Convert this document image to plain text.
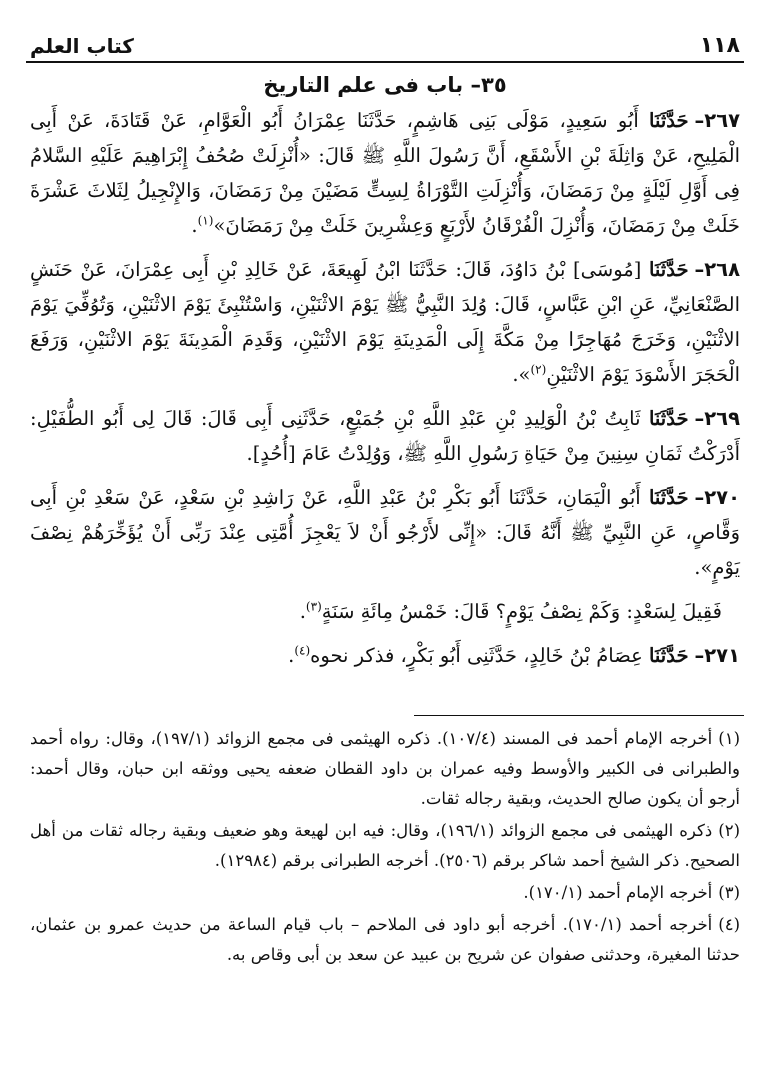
١١٨
كتاب العلم
٣٥– باب فى علم التاريخ

٢٦٧–حَدَّثَنَا أَبُو سَعِيدٍ، مَوْلَى بَنِى هَاشِمٍ، حَدَّثَنَا عِمْرَانُ أَبُو الْعَوَّامِ، عَنْ قَتَادَةَ، عَنْ أَبِى الْمَلِيحِ، عَنْ وَاثِلَةَ بْنِ الأَسْقَعِ، أَنَّ رَسُولَ اللَّهِ ﷺ قَالَ: «أُنْزِلَتْ صُحُفُ إِبْرَاهِيمَ عَلَيْهِ السَّلامُ فِى أَوَّلِ لَيْلَةٍ مِنْ رَمَضَانَ، وَأُنْزِلَتِ التَّوْرَاةُ لِسِتٍّ مَضَيْنَ مِنْ رَمَضَانَ، وَالإِنْجِيلُ لِثَلاثَ عَشْرَةَ خَلَتْ مِنْ رَمَضَانَ، وَأُنْزِلَ الْفُرْقَانُ لأَرْبَعٍ وَعِشْرِينَ خَلَتْ مِنْ رَمَضَانَ»$^{(١)}$.

٢٦٨–حَدَّثَنَا [مُوسَى] بْنُ دَاوُدَ، قَالَ: حَدَّثَنَا ابْنُ لَهِيعَةَ، عَنْ خَالِدِ بْنِ أَبِى عِمْرَانَ، عَنْ حَنَشٍ الصَّنْعَانِيِّ، عَنِ ابْنِ عَبَّاسٍ، قَالَ: وُلِدَ النَّبِيُّ ﷺ يَوْمَ الاثْنَيْنِ، وَاسْتُنْبِئَ يَوْمَ الاثْنَيْنِ، وَتُوُفِّيَ يَوْمَ الاثْنَيْنِ، وَخَرَجَ مُهَاجِرًا مِنْ مَكَّةَ إِلَى الْمَدِينَةِ يَوْمَ الاثْنَيْنِ، وَقَدِمَ الْمَدِينَةَ يَوْمَ الاثْنَيْنِ، وَرَفَعَ الْحَجَرَ الأَسْوَدَ يَوْمَ الاثْنَيْنِ$^{(٢)}$».

٢٦٩–حَدَّثَنَا ثَابِتُ بْنُ الْوَلِيدِ بْنِ عَبْدِ اللَّهِ بْنِ جُمَيْعٍ، حَدَّثَنِى أَبِى قَالَ: قَالَ لِى أَبُو الطُّفَيْلِ: أَدْرَكْتُ ثَمَانِ سِنِينَ مِنْ حَيَاةِ رَسُولِ اللَّهِ ﷺ، وَوُلِدْتُ عَامَ [أُحُدٍ].

٢٧٠–حَدَّثَنَا أَبُو الْيَمَانِ، حَدَّثَنَا أَبُو بَكْرِ بْنُ عَبْدِ اللَّهِ، عَنْ رَاشِدِ بْنِ سَعْدٍ، عَنْ سَعْدِ بْنِ أَبِى وَقَّاصٍ، عَنِ النَّبِيِّ ﷺ أَنَّهُ قَالَ: «إِنِّى لأَرْجُو أَنْ لاَ يَعْجِزَ أُمَّتِى عِنْدَ رَبِّى أَنْ يُؤَخِّرَهُمْ نِصْفَ يَوْمٍ».

فَقِيلَ لِسَعْدٍ: وَكَمْ نِصْفُ يَوْمٍ؟ قَالَ: خَمْسُ مِائَةِ سَنَةٍ$^{(٣)}$.

٢٧١–حَدَّثَنَا عِصَامُ بْنُ خَالِدٍ، حَدَّثَنِى أَبُو بَكْرٍ، فذكر نحوه$^{(٤)}$.

(١)أخرجه الإمام أحمد فى المسند (١٠٧/٤). ذكره الهيثمى فى مجمع الزوائد (١٩٧/١)، وقال: رواه أحمد والطبرانى فى الكبير والأوسط وفيه عمران بن داود القطان ضعفه يحيى ووثقه ابن حبان، وقال أحمد: أرجو أن يكون صالح الحديث، وبقية رجاله ثقات.

(٢)ذكره الهيثمى فى مجمع الزوائد (١٩٦/١)، وقال: فيه ابن لهيعة وهو ضعيف وبقية رجاله ثقات من أهل الصحيح. ذكر الشيخ أحمد شاكر برقم (٢٥٠٦). أخرجه الطبرانى برقم (١٢٩٨٤).

(٣)أخرجه الإمام أحمد (١٧٠/١).

(٤)أخرجه أحمد (١٧٠/١). أخرجه أبو داود فى الملاحم – باب قيام الساعة من حديث عمرو بن عثمان، حدثنا المغيرة، وحدثنى صفوان عن شريح بن عبيد عن سعد بن أبى وقاص به.
